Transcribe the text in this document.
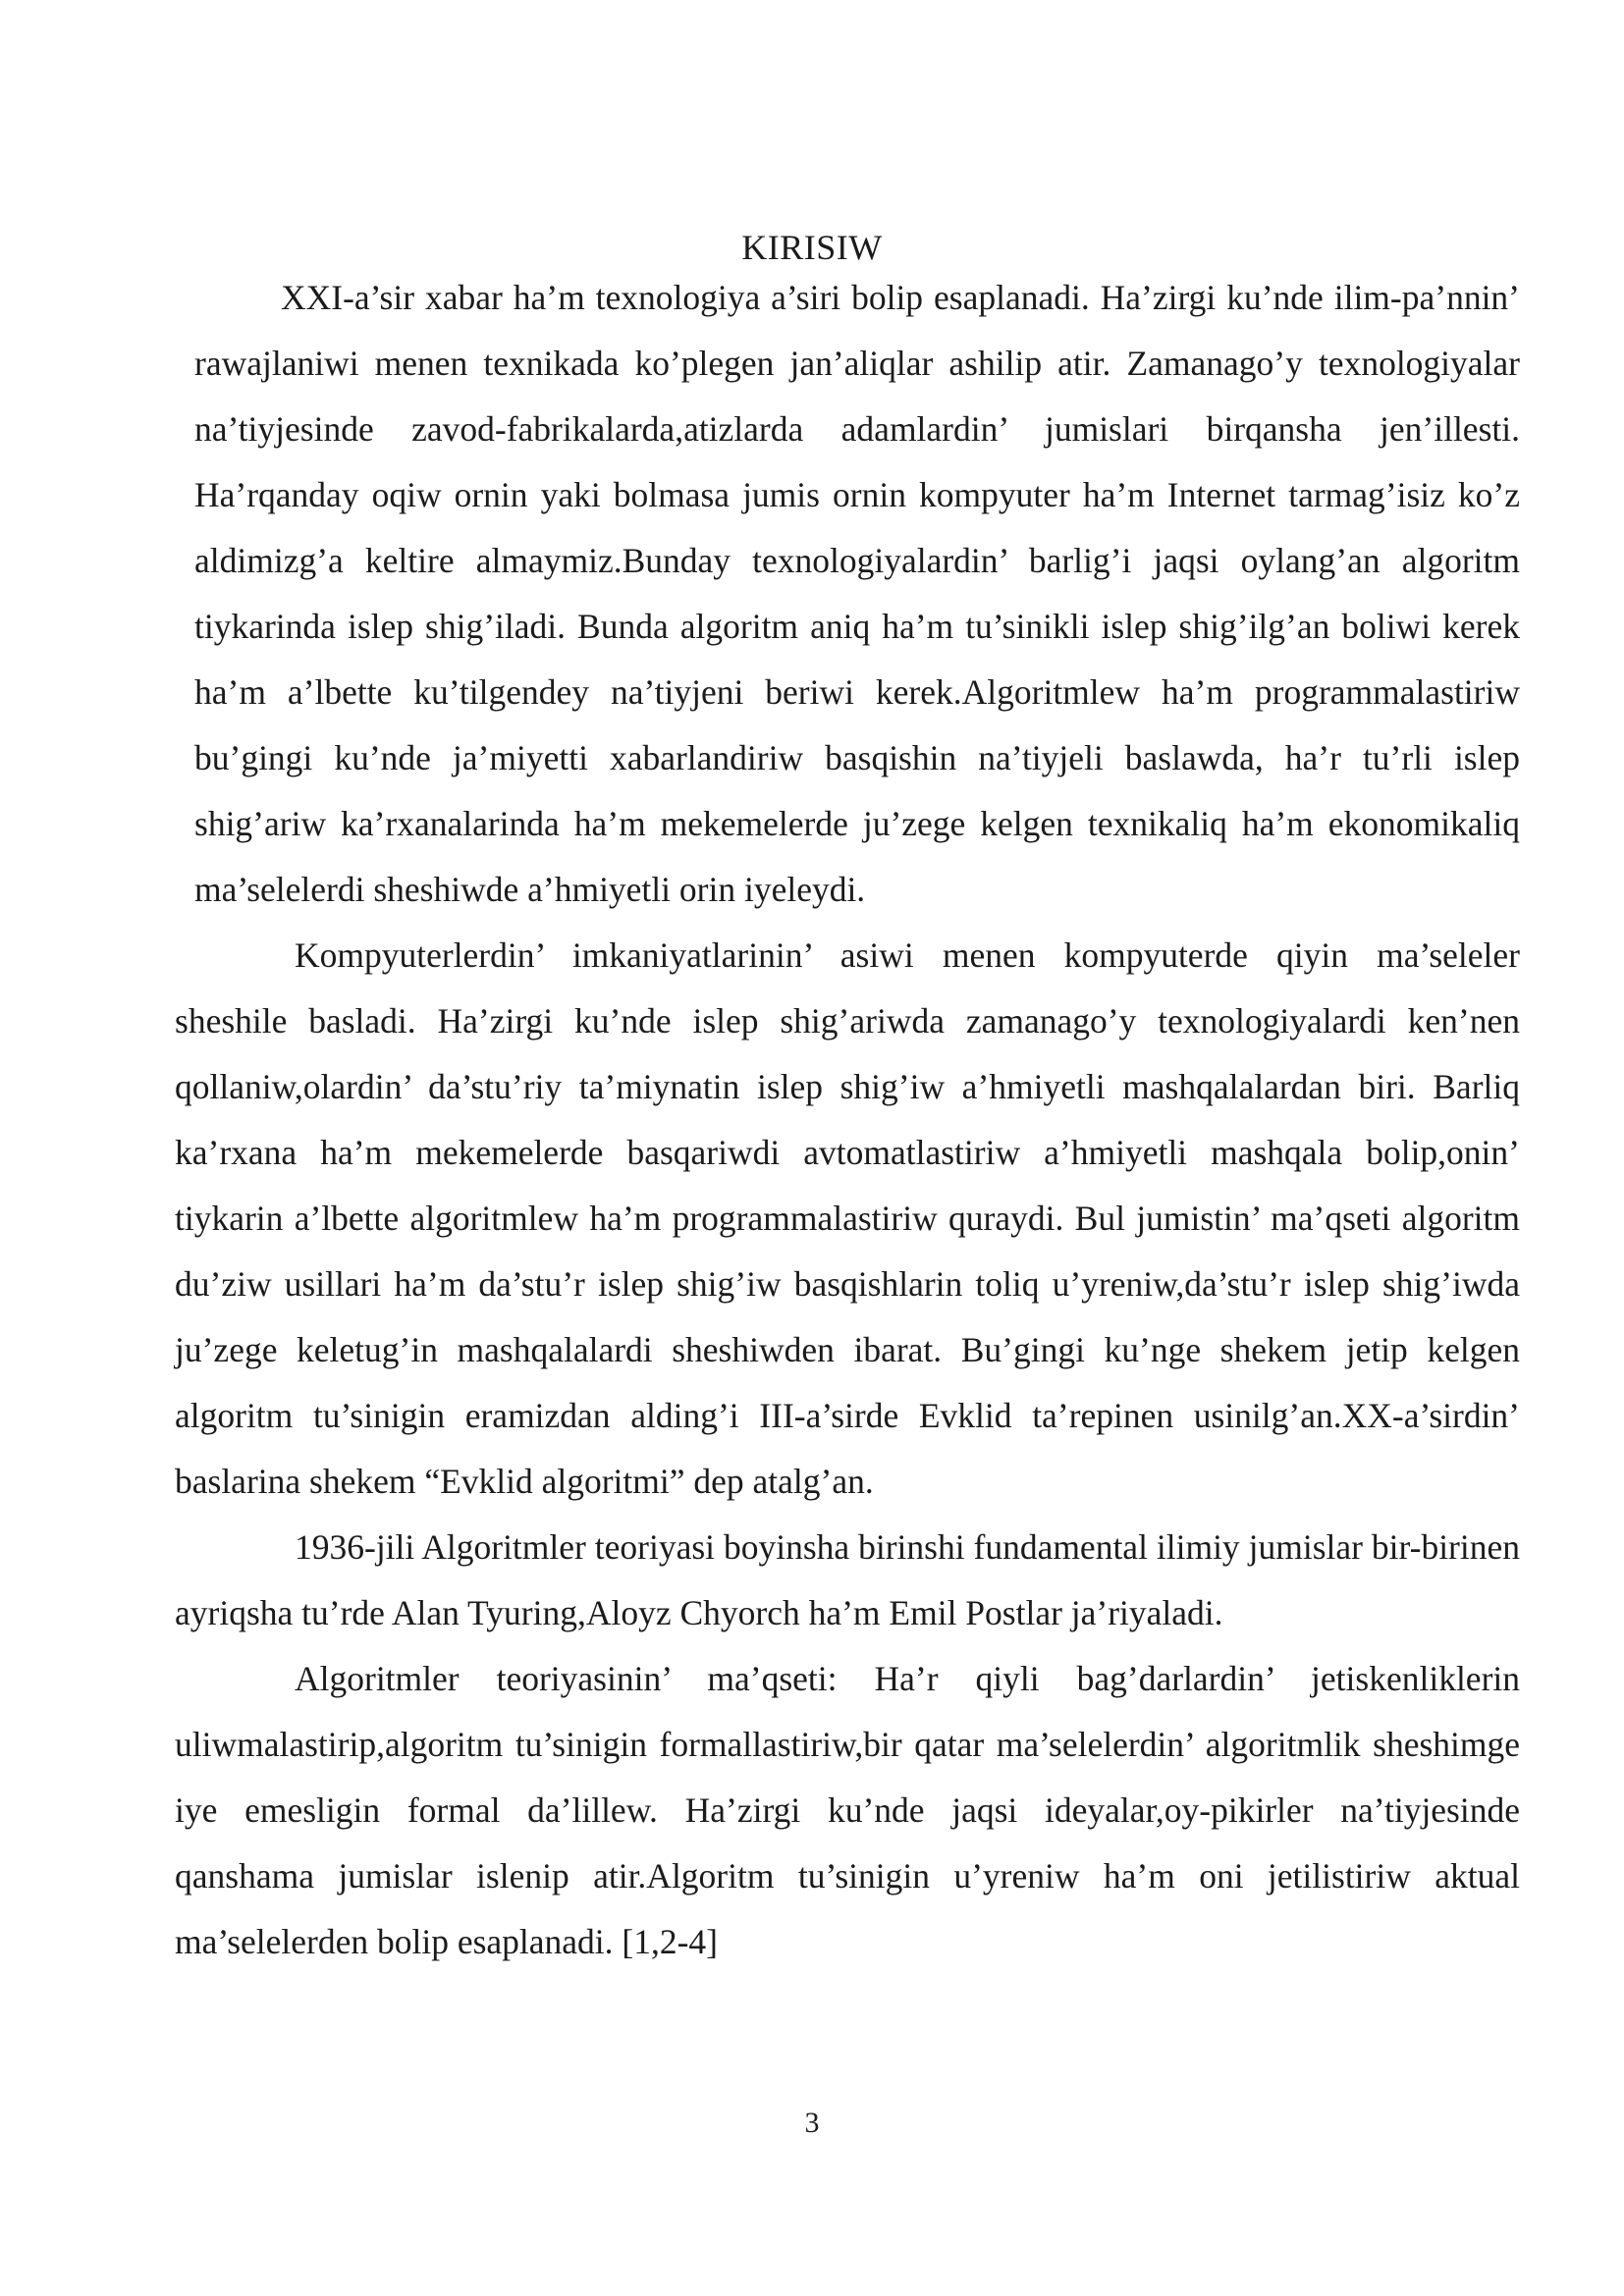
KIRISIW

XXI-a’sir xabar ha’m texnologiya a’siri bolip esaplanadi. Ha’zirgi ku’nde ilim-pa’nnin’ rawajlaniwi menen texnikada ko’plegen jan’aliqlar ashilip atir. Zamanago’y texnologiyalar na’tiyjesinde zavod-fabrikalarda,atizlarda adamlardin’ jumislari birqansha jen’illesti. Ha’rqanday oqiw ornin yaki bolmasa jumis ornin kompyuter ha’m Internet tarmag’isiz ko’z aldimizg’a keltire almaymiz.Bunday texnologiyalardin’ barlig’i jaqsi oylang’an algoritm tiykarinda islep shig’iladi. Bunda algoritm aniq ha’m tu’sinikli islep shig’ilg’an boliwi kerek ha’m a’lbette ku’tilgendey na’tiyjeni beriwi kerek.Algoritmlew ha’m programmalastiriw bu’gingi ku’nde ja’miyetti xabarlandiriw basqishin na’tiyjeli baslawda, ha’r tu’rli islep shig’ariw ka’rxanalarinda ha’m mekemelerde ju’zege kelgen texnikaliq ha’m ekonomikaliq ma’selelerdi sheshiwde a’hmiyetli orin iyeleydi.

Kompyuterlerdin’ imkaniyatlarinin’ asiwi menen kompyuterde qiyin ma’seleler sheshile basladi. Ha’zirgi ku’nde islep shig’ariwda zamanago’y texnologiyalardi ken’nen qollaniw,olardin’ da’stu’riy ta’miynatin islep shig’iw a’hmiyetli mashqalalardan biri. Barliq ka’rxana ha’m mekemelerde basqariwdi avtomatlastiriw a’hmiyetli mashqala bolip,onin’ tiykarin a’lbette algoritmlew ha’m programmalastiriw quraydi. Bul jumistin’ ma’qseti algoritm du’ziw usillari ha’m da’stu’r islep shig’iw basqishlarin toliq u’yreniw,da’stu’r islep shig’iwda ju’zege keletug’in mashqalalardi sheshiwden ibarat. Bu’gingi ku’nge shekem jetip kelgen algoritm tu’sinigin eramizdan alding’i III-a’sirde Evklid ta’repinen usinilg’an.XX-a’sirdin’ baslarina shekem “Evklid algoritmi” dep atalg’an.

1936-jili Algoritmler teoriyasi boyinsha birinshi fundamental ilimiy jumislar bir-birinen ayriqsha tu’rde Alan Tyuring,Aloyz Chyorch ha’m Emil Postlar ja’riyaladi.

Algoritmler teoriyasinin’ ma’qseti: Ha’r qiyli bag’darlardin’ jetiskenliklerin uliwmalastirip,algoritm tu’sinigin formallastiriw,bir qatar ma’selelerdin’ algoritmlik sheshimge iye emesligin formal da’lillew. Ha’zirgi ku’nde jaqsi ideyalar,oy-pikirler na’tiyjesinde qanshama jumislar islenip atir.Algoritm tu’sinigin u’yreniw ha’m oni jetilistiriw aktual ma’selelerden bolip esaplanadi. [1,2-4]

3
